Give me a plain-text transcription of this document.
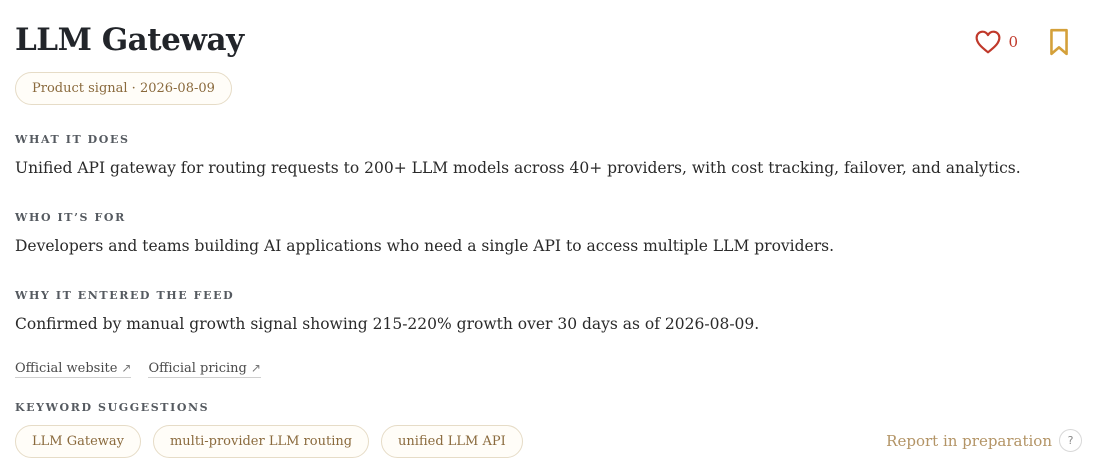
LLM Gateway	0
Product signal · 2026-08-09
WHAT IT DOES

Unified API gateway for routing requests to 200+ LLM models across 40+ providers, with cost tracking, failover, and analytics.

WHO IT’S FOR

Developers and teams building AI applications who need a single API to access multiple LLM providers.

WHY IT ENTERED THE FEED

Confirmed by manual growth signal showing 215-220% growth over 30 days as of 2026-08-09.

Official website ↗ Official pricing ↗
KEYWORD SUGGESTIONS
LLM Gateway	multi-provider LLM routing	unified LLM API	Report in preparation	?
